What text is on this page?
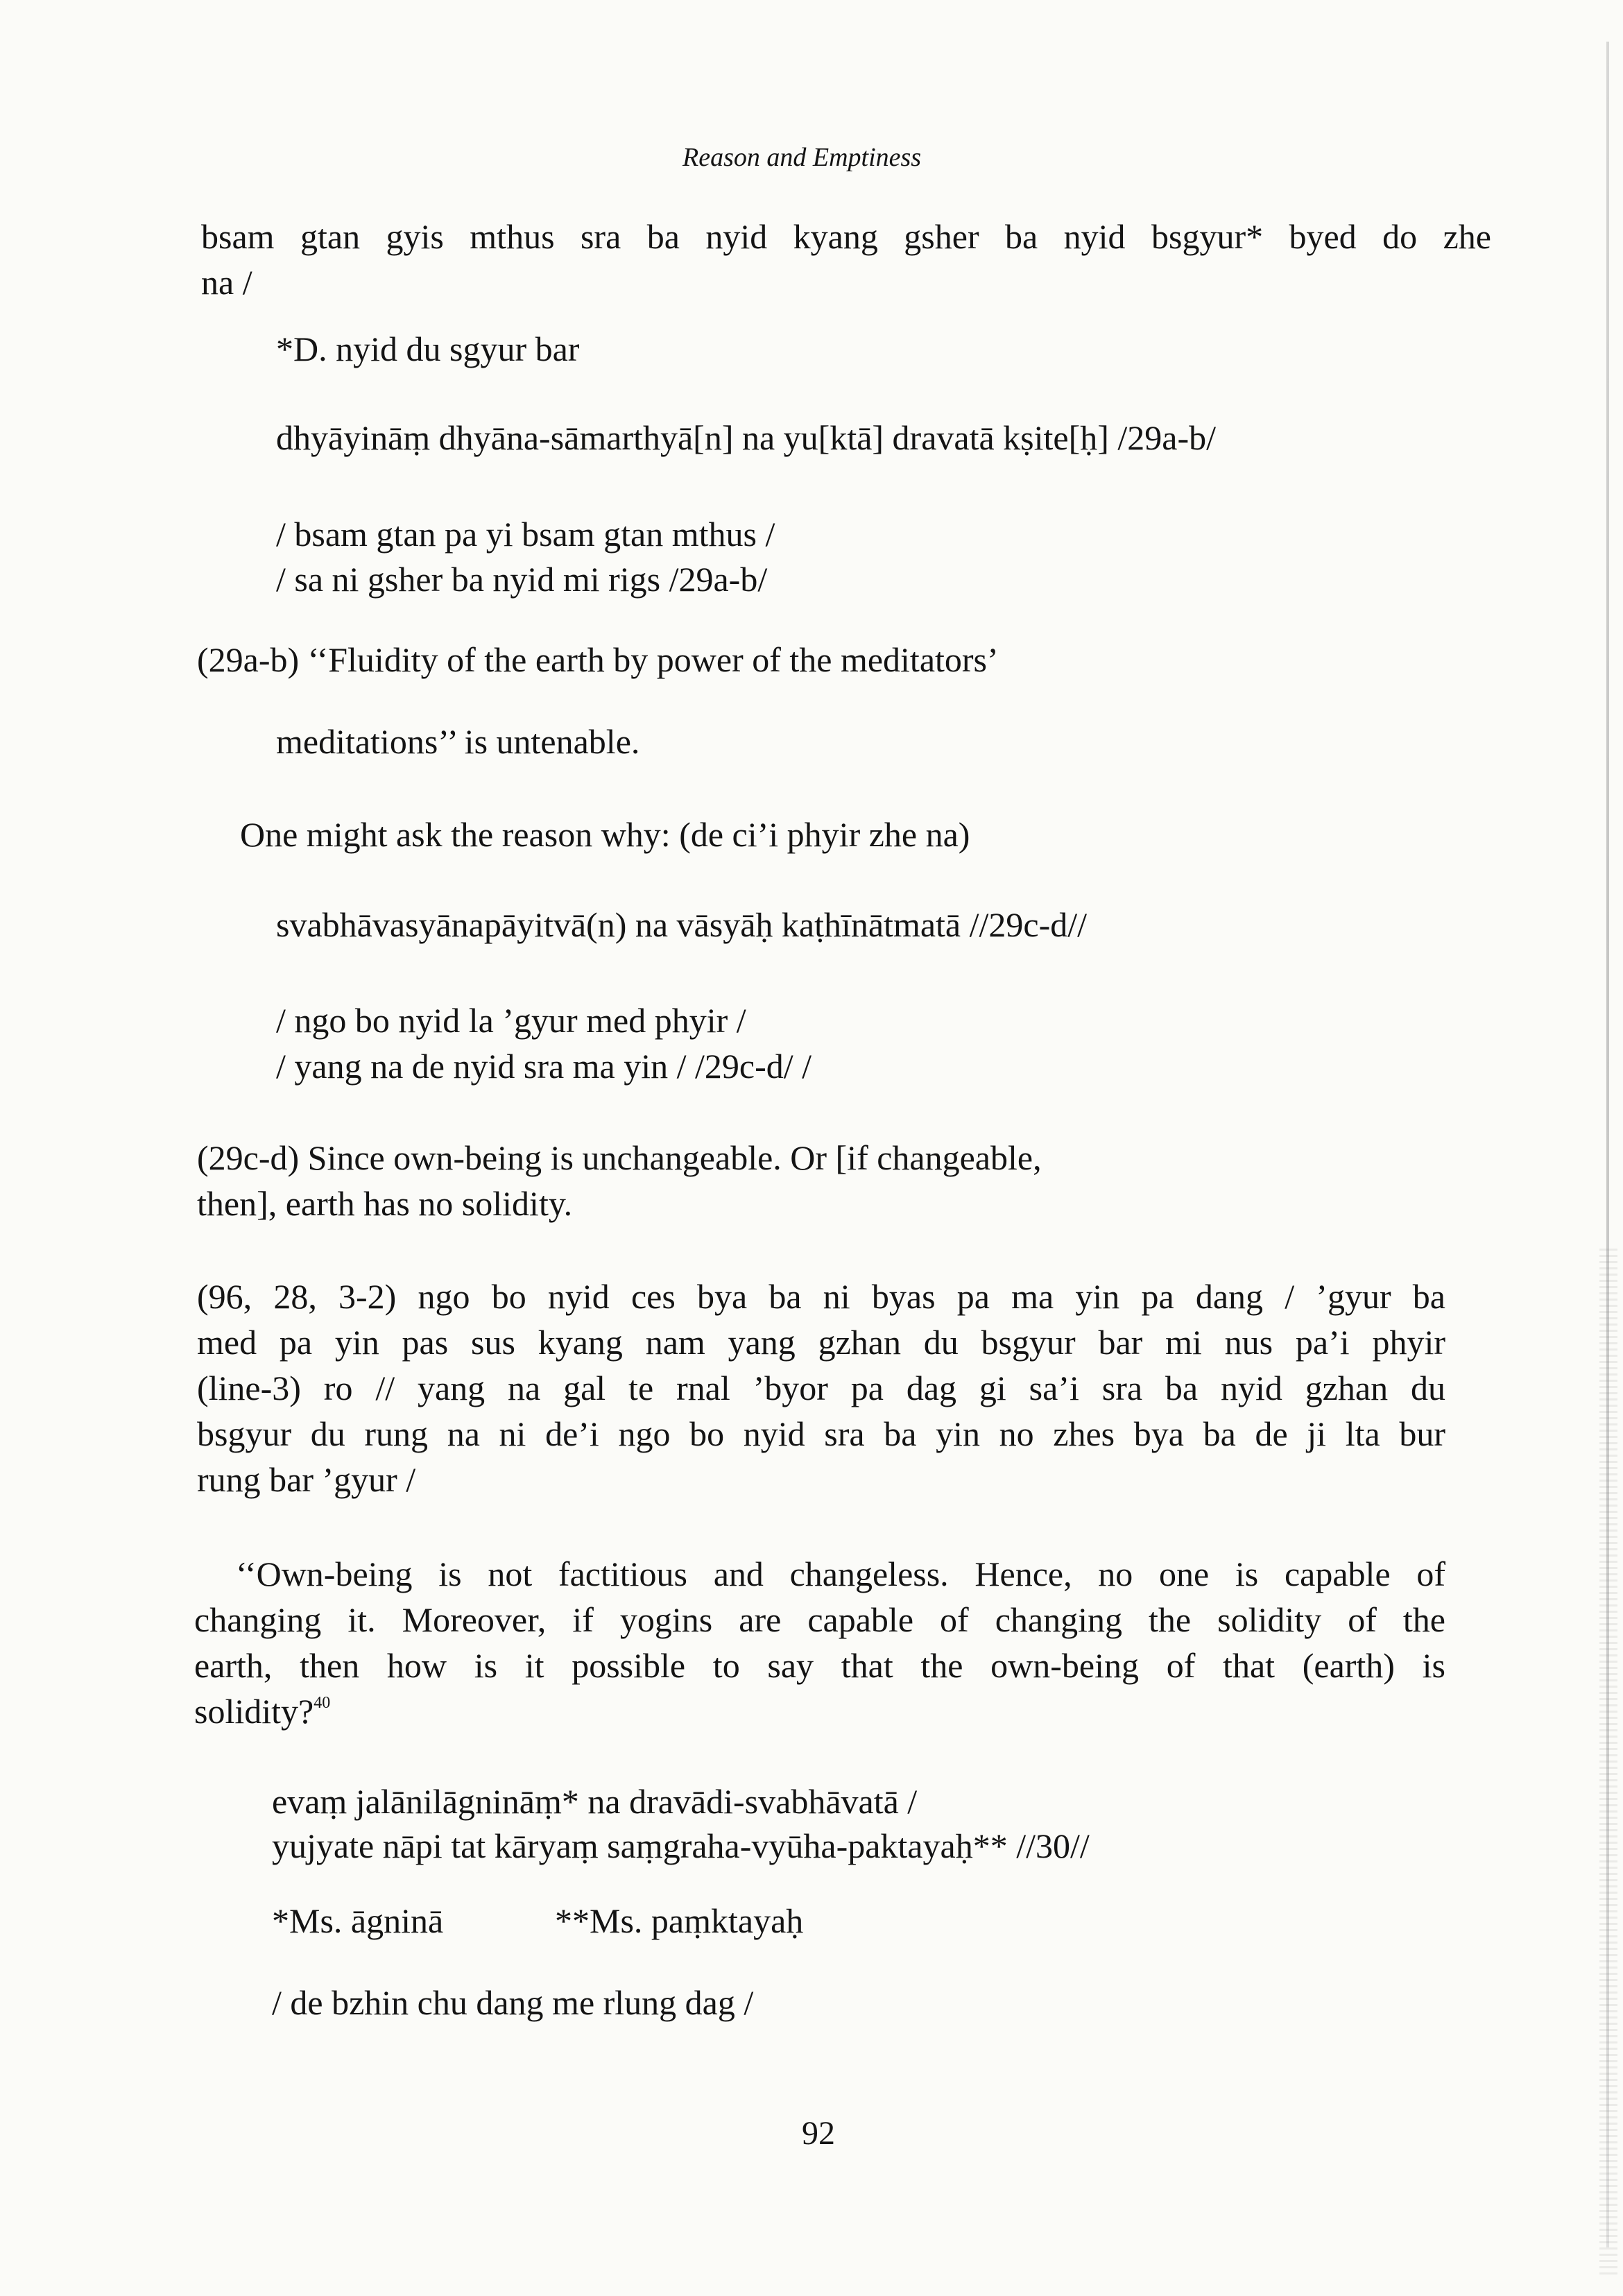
Reason and Emptiness
bsam gtan gyis mthus sra ba nyid kyang gsher ba nyid bsgyur* byed do zhe
na /
*D. nyid du sgyur bar
dhyāyināṃ dhyāna-sāmarthyā[n] na yu[ktā] dravatā kṣite[ḥ] /29a-b/
/ bsam gtan pa yi bsam gtan mthus /
/ sa ni gsher ba nyid mi rigs /29a-b/
(29a-b) ‘‘Fluidity of the earth by power of the meditators’
meditations’’ is untenable.
One might ask the reason why: (de ci’i phyir zhe na)
svabhāvasyānapāyitvā(n) na vāsyāḥ kaṭhīnātmatā //29c-d//
/ ngo bo nyid la ’gyur med phyir /
/ yang na de nyid sra ma yin / /29c-d/ /
(29c-d) Since own-being is unchangeable. Or [if changeable,
then], earth has no solidity.
(96, 28, 3-2) ngo bo nyid ces bya ba ni byas pa ma yin pa dang / ’gyur ba
med pa yin pas sus kyang nam yang gzhan du bsgyur bar mi nus pa’i phyir
(line-3) ro // yang na gal te rnal ’byor pa dag gi sa’i sra ba nyid gzhan du
bsgyur du rung na ni de’i ngo bo nyid sra ba yin no zhes bya ba de ji lta bur
rung bar ’gyur /
‘‘Own-being is not factitious and changeless. Hence, no one is capable of
changing it. Moreover, if yogins are capable of changing the solidity of the
earth, then how is it possible to say that the own-being of that (earth) is
solidity?$^{40}$
evaṃ jalānilāgnināṃ* na dravādi-svabhāvatā /
yujyate nāpi tat kāryaṃ saṃgraha-vyūha-paktayaḥ** //30//
*Ms. āgninā	**Ms. paṃktayaḥ
/ de bzhin chu dang me rlung dag /
92
